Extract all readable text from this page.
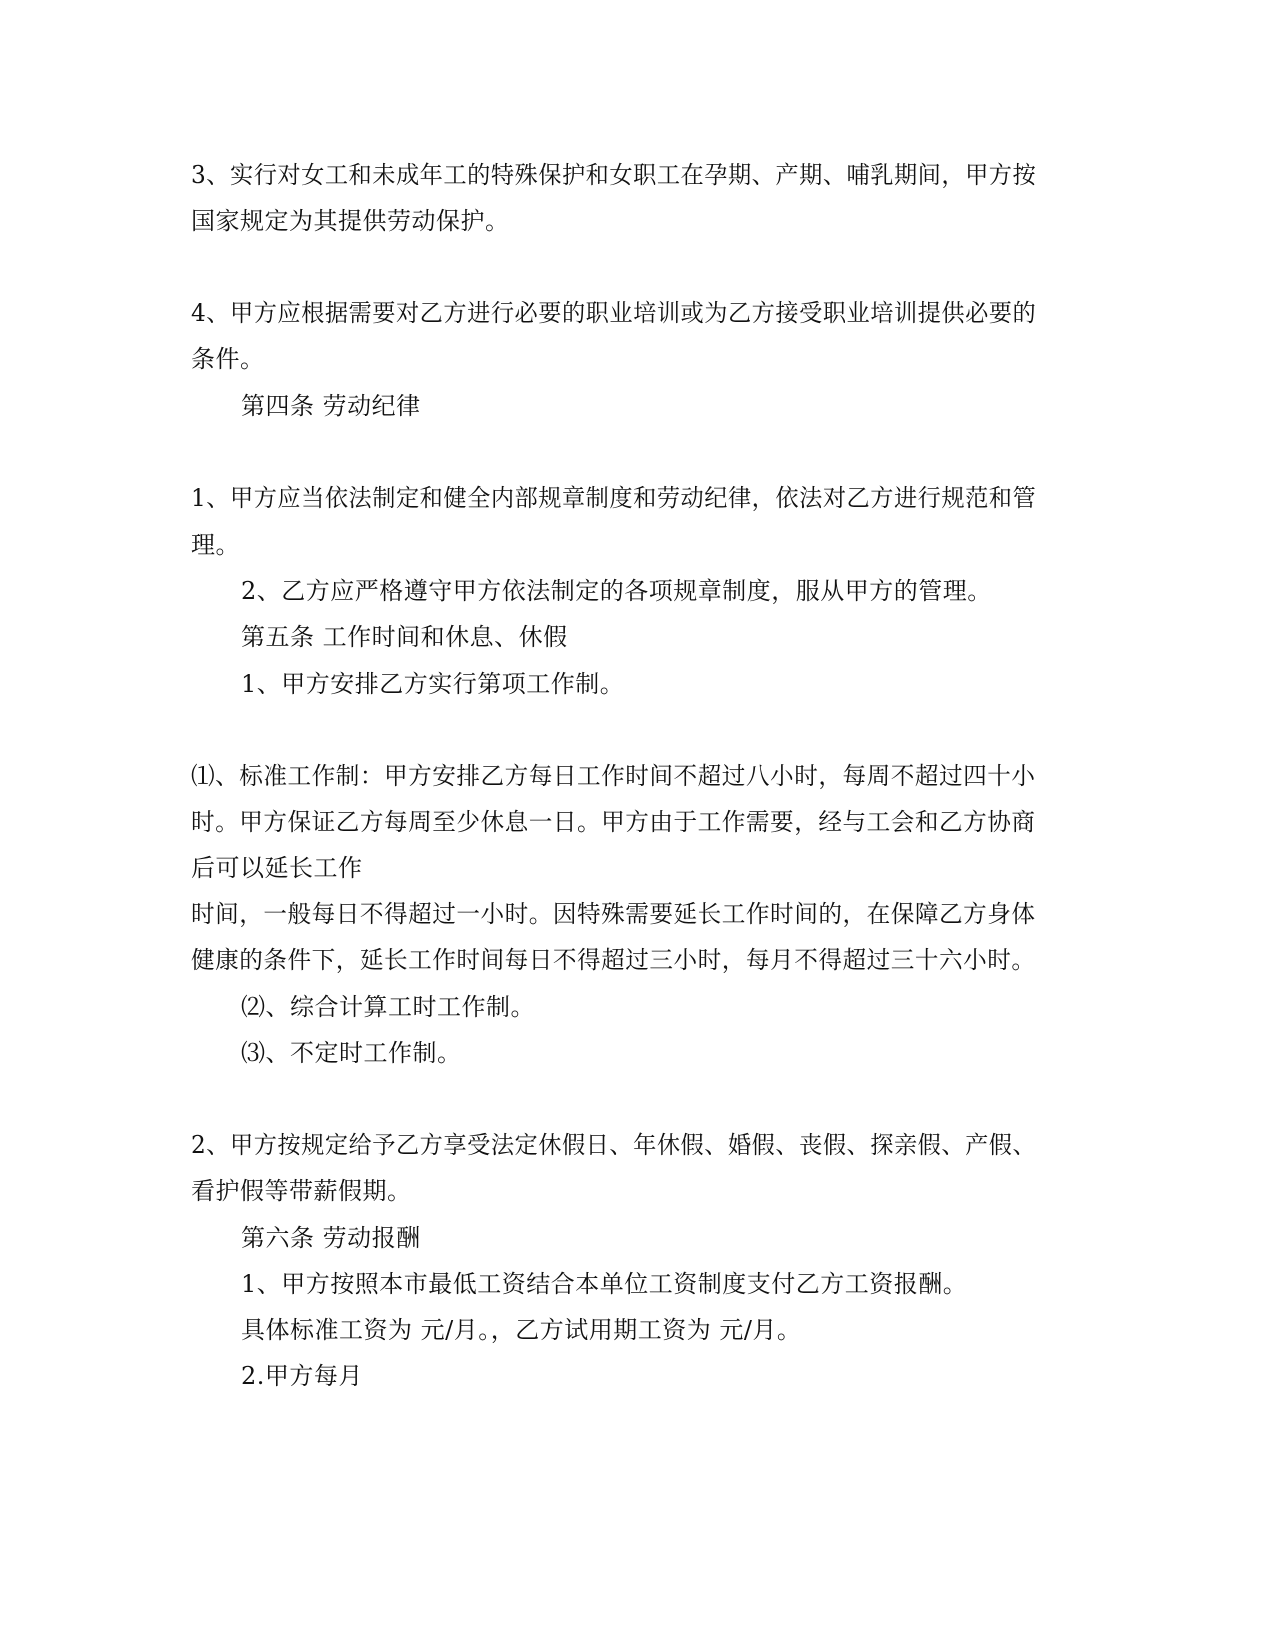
3、实行对女工和未成年工的特殊保护和女职工在孕期、产期、哺乳期间，甲方按
国家规定为其提供劳动保护。
4、甲方应根据需要对乙方进行必要的职业培训或为乙方接受职业培训提供必要的
条件。
第四条 劳动纪律
1、甲方应当依法制定和健全内部规章制度和劳动纪律，依法对乙方进行规范和管
理。
2、乙方应严格遵守甲方依法制定的各项规章制度，服从甲方的管理。
第五条 工作时间和休息、休假
1、甲方安排乙方实行第项工作制。
⑴、标准工作制：甲方安排乙方每日工作时间不超过八小时，每周不超过四十小
时。甲方保证乙方每周至少休息一日。甲方由于工作需要，经与工会和乙方协商
后可以延长工作
时间，一般每日不得超过一小时。因特殊需要延长工作时间的，在保障乙方身体
健康的条件下，延长工作时间每日不得超过三小时，每月不得超过三十六小时。
⑵、综合计算工时工作制。
⑶、不定时工作制。
2、甲方按规定给予乙方享受法定休假日、年休假、婚假、丧假、探亲假、产假、
看护假等带薪假期。
第六条 劳动报酬
1、甲方按照本市最低工资结合本单位工资制度支付乙方工资报酬。
具体标准工资为 元/月。，乙方试用期工资为 元/月。
2.甲方每月
